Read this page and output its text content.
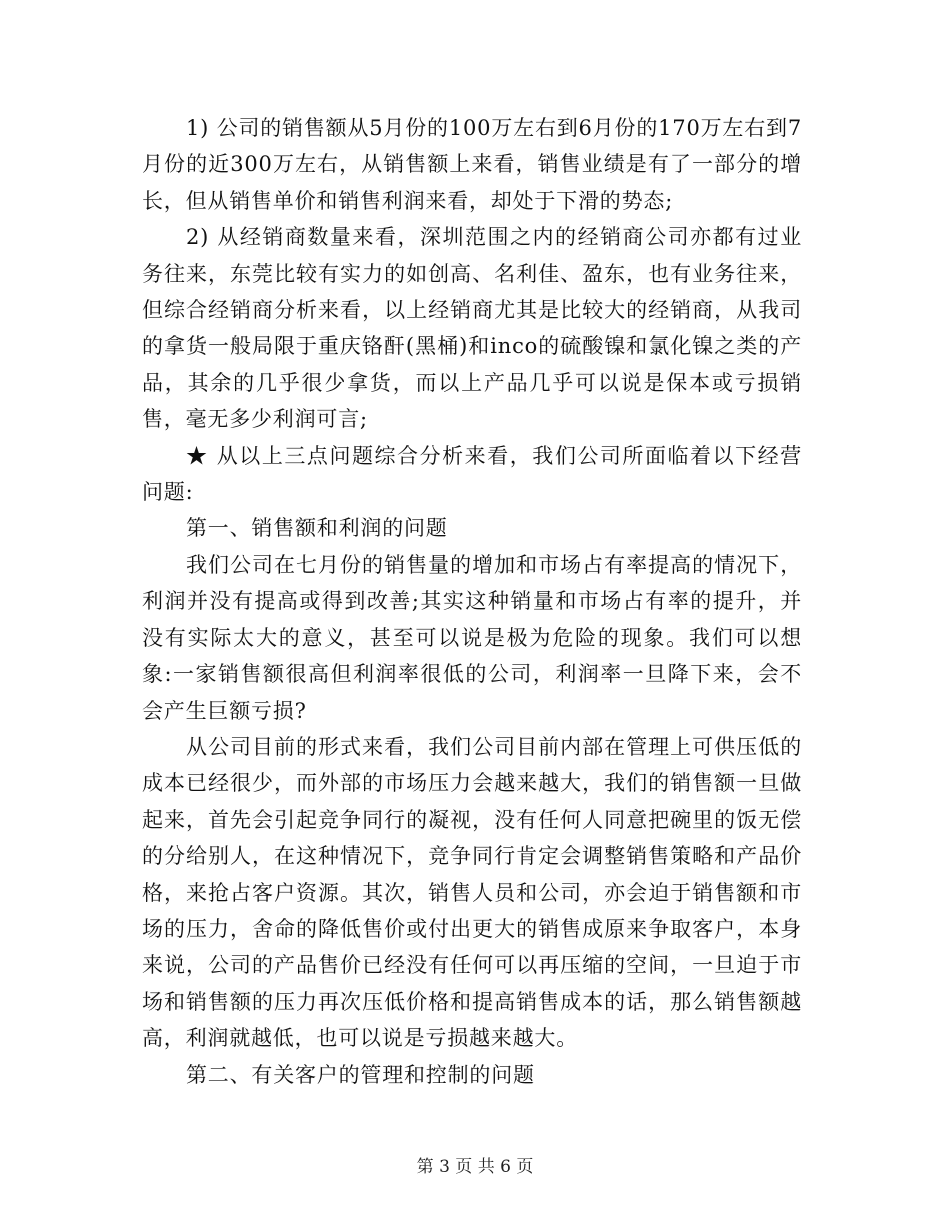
1) 公司的销售额从5月份的100万左右到6月份的170万左右到7月份的近300万左右，从销售额上来看，销售业绩是有了一部分的增长，但从销售单价和销售利润来看，却处于下滑的势态;

2) 从经销商数量来看，深圳范围之内的经销商公司亦都有过业务往来，东莞比较有实力的如创高、名利佳、盈东，也有业务往来，但综合经销商分析来看，以上经销商尤其是比较大的经销商，从我司的拿货一般局限于重庆铬酐(黑桶)和inco的硫酸镍和氯化镍之类的产品，其余的几乎很少拿货，而以上产品几乎可以说是保本或亏损销售，毫无多少利润可言;

★ 从以上三点问题综合分析来看，我们公司所面临着以下经营问题:

第一、销售额和利润的问题

我们公司在七月份的销售量的增加和市场占有率提高的情况下，利润并没有提高或得到改善;其实这种销量和市场占有率的提升，并没有实际太大的意义，甚至可以说是极为危险的现象。我们可以想象:一家销售额很高但利润率很低的公司，利润率一旦降下来，会不会产生巨额亏损?

从公司目前的形式来看，我们公司目前内部在管理上可供压低的成本已经很少，而外部的市场压力会越来越大，我们的销售额一旦做起来，首先会引起竞争同行的凝视，没有任何人同意把碗里的饭无偿的分给别人，在这种情况下，竞争同行肯定会调整销售策略和产品价格，来抢占客户资源。其次，销售人员和公司，亦会迫于销售额和市场的压力，舍命的降低售价或付出更大的销售成原来争取客户，本身来说，公司的产品售价已经没有任何可以再压缩的空间，一旦迫于市场和销售额的压力再次压低价格和提高销售成本的话，那么销售额越高，利润就越低，也可以说是亏损越来越大。

第二、有关客户的管理和控制的问题

第 3 页 共 6 页
